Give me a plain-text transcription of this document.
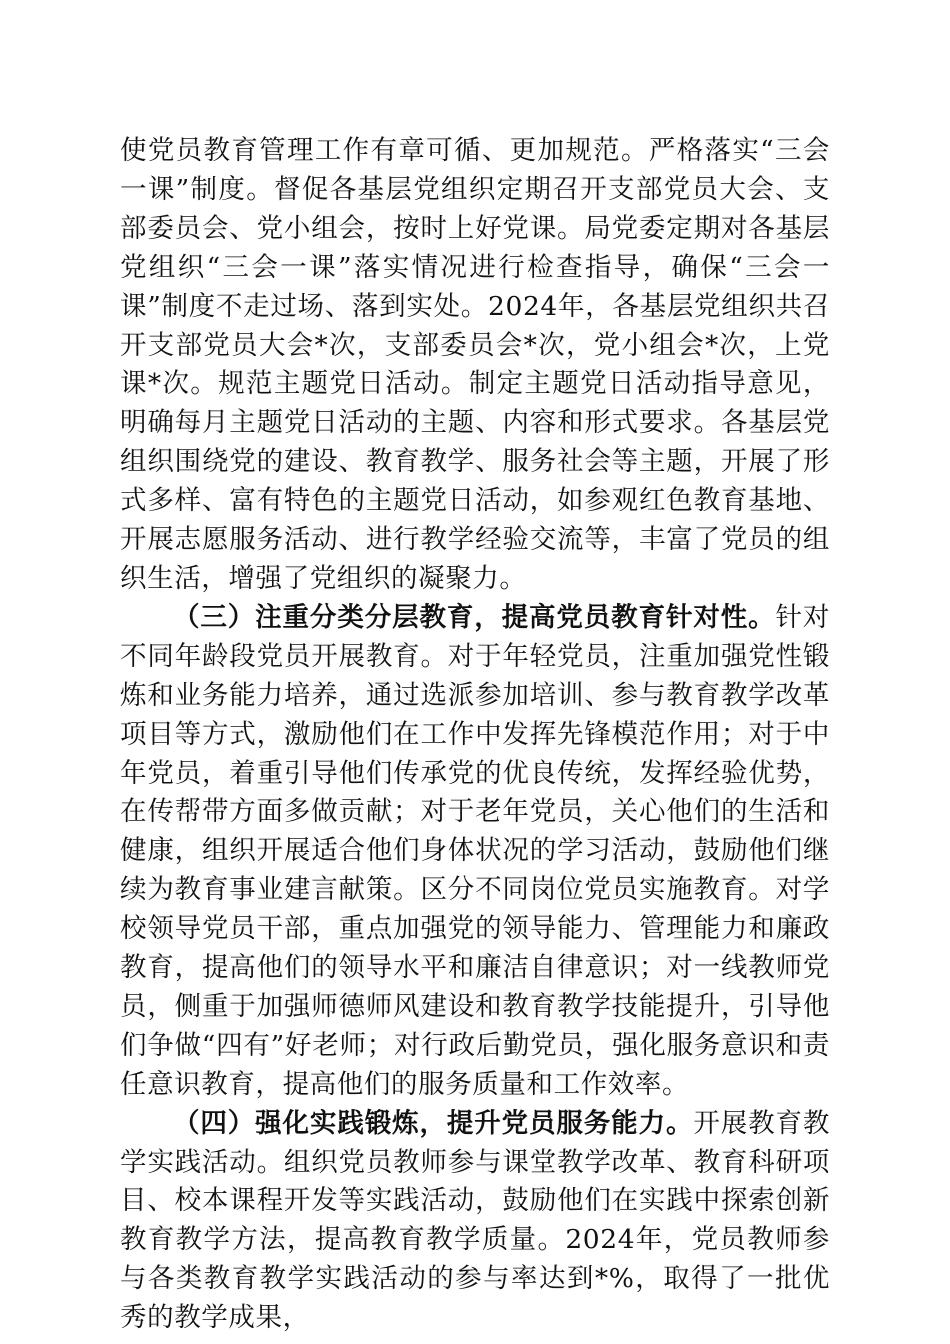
使党员教育管理工作有章可循、更加规范。严格落实“三会一课”制度。督促各基层党组织定期召开支部党员大会、支部委员会、党小组会，按时上好党课。局党委定期对各基层党组织“三会一课”落实情况进行检查指导，确保“三会一课”制度不走过场、落到实处。2024年，各基层党组织共召开支部党员大会*次，支部委员会*次，党小组会*次，上党课*次。规范主题党日活动。制定主题党日活动指导意见，明确每月主题党日活动的主题、内容和形式要求。各基层党组织围绕党的建设、教育教学、服务社会等主题，开展了形式多样、富有特色的主题党日活动，如参观红色教育基地、开展志愿服务活动、进行教学经验交流等，丰富了党员的组织生活，增强了党组织的凝聚力。

（三）注重分类分层教育，提高党员教育针对性。针对不同年龄段党员开展教育。对于年轻党员，注重加强党性锻炼和业务能力培养，通过选派参加培训、参与教育教学改革项目等方式，激励他们在工作中发挥先锋模范作用；对于中年党员，着重引导他们传承党的优良传统，发挥经验优势，在传帮带方面多做贡献；对于老年党员，关心他们的生活和健康，组织开展适合他们身体状况的学习活动，鼓励他们继续为教育事业建言献策。区分不同岗位党员实施教育。对学校领导党员干部，重点加强党的领导能力、管理能力和廉政教育，提高他们的领导水平和廉洁自律意识；对一线教师党员，侧重于加强师德师风建设和教育教学技能提升，引导他们争做“四有”好老师；对行政后勤党员，强化服务意识和责任意识教育，提高他们的服务质量和工作效率。

（四）强化实践锻炼，提升党员服务能力。开展教育教学实践活动。组织党员教师参与课堂教学改革、教育科研项目、校本课程开发等实践活动，鼓励他们在实践中探索创新教育教学方法，提高教育教学质量。2024年，党员教师参与各类教育教学实践活动的参与率达到*%，取得了一批优秀的教学成果，
